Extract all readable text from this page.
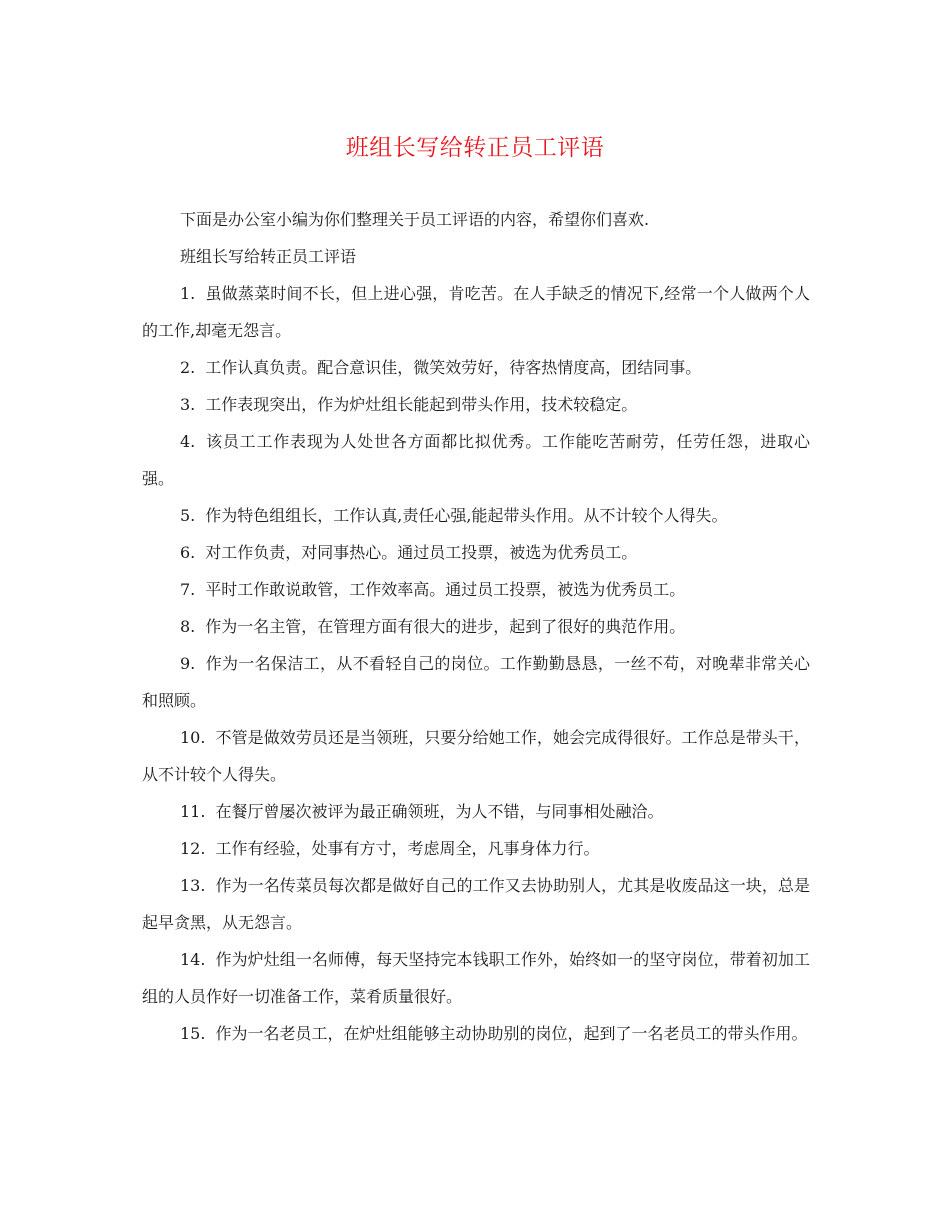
班组长写给转正员工评语

下面是办公室小编为你们整理关于员工评语的内容，希望你们喜欢.

班组长写给转正员工评语

1. 虽做蒸菜时间不长，但上进心强，肯吃苦。在人手缺乏的情况下,经常一个人做两个人的工作,却毫无怨言。

2. 工作认真负责。配合意识佳，微笑效劳好，待客热情度高，团结同事。

3. 工作表现突出，作为炉灶组长能起到带头作用，技术较稳定。

4. 该员工工作表现为人处世各方面都比拟优秀。工作能吃苦耐劳，任劳任怨，进取心强。

5. 作为特色组组长，工作认真,责任心强,能起带头作用。从不计较个人得失。

6. 对工作负责，对同事热心。通过员工投票，被选为优秀员工。

7. 平时工作敢说敢管，工作效率高。通过员工投票，被选为优秀员工。

8. 作为一名主管，在管理方面有很大的进步，起到了很好的典范作用。

9. 作为一名保洁工，从不看轻自己的岗位。工作勤勤恳恳，一丝不苟，对晚辈非常关心和照顾。

10. 不管是做效劳员还是当领班，只要分给她工作，她会完成得很好。工作总是带头干，从不计较个人得失。

11. 在餐厅曾屡次被评为最正确领班，为人不错，与同事相处融洽。

12. 工作有经验，处事有方寸，考虑周全，凡事身体力行。

13. 作为一名传菜员每次都是做好自己的工作又去协助别人，尤其是收废品这一块，总是起早贪黑，从无怨言。

14. 作为炉灶组一名师傅，每天坚持完本钱职工作外，始终如一的坚守岗位，带着初加工组的人员作好一切准备工作，菜肴质量很好。

15. 作为一名老员工，在炉灶组能够主动协助别的岗位，起到了一名老员工的带头作用。
